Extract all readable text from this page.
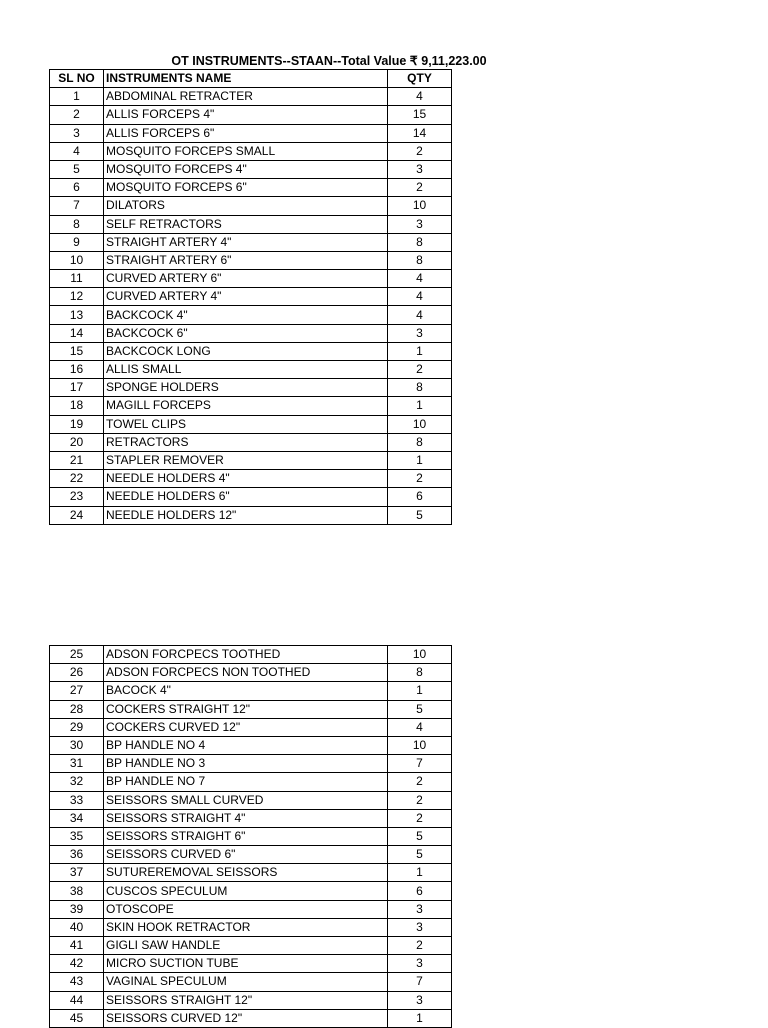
OT INSTRUMENTS--STAAN--Total Value ₹ 9,11,223.00
SL NO	INSTRUMENTS NAME	QTY
1	ABDOMINAL RETRACTER	4
2	ALLIS FORCEPS 4"	15
3	ALLIS FORCEPS 6"	14
4	MOSQUITO FORCEPS SMALL	2
5	MOSQUITO FORCEPS 4"	3
6	MOSQUITO FORCEPS 6"	2
7	DILATORS	10
8	SELF RETRACTORS	3
9	STRAIGHT ARTERY 4"	8
10	STRAIGHT ARTERY 6"	8
11	CURVED ARTERY 6"	4
12	CURVED ARTERY 4"	4
13	BACKCOCK 4"	4
14	BACKCOCK 6"	3
15	BACKCOCK LONG	1
16	ALLIS SMALL	2
17	SPONGE HOLDERS	8
18	MAGILL FORCEPS	1
19	TOWEL CLIPS	10
20	RETRACTORS	8
21	STAPLER REMOVER	1
22	NEEDLE HOLDERS 4"	2
23	NEEDLE HOLDERS 6"	6
24	NEEDLE HOLDERS 12"	5
25	ADSON FORCPECS TOOTHED	10
26	ADSON FORCPECS NON TOOTHED	8
27	BACOCK 4"	1
28	COCKERS STRAIGHT 12"	5
29	COCKERS CURVED 12"	4
30	BP HANDLE NO 4	10
31	BP HANDLE NO 3	7
32	BP HANDLE NO 7	2
33	SEISSORS SMALL CURVED	2
34	SEISSORS STRAIGHT 4"	2
35	SEISSORS STRAIGHT 6"	5
36	SEISSORS CURVED 6"	5
37	SUTUREREMOVAL SEISSORS	1
38	CUSCOS SPECULUM	6
39	OTOSCOPE	3
40	SKIN HOOK RETRACTOR	3
41	GIGLI SAW HANDLE	2
42	MICRO SUCTION TUBE	3
43	VAGINAL SPECULUM	7
44	SEISSORS STRAIGHT 12"	3
45	SEISSORS CURVED 12"	1
